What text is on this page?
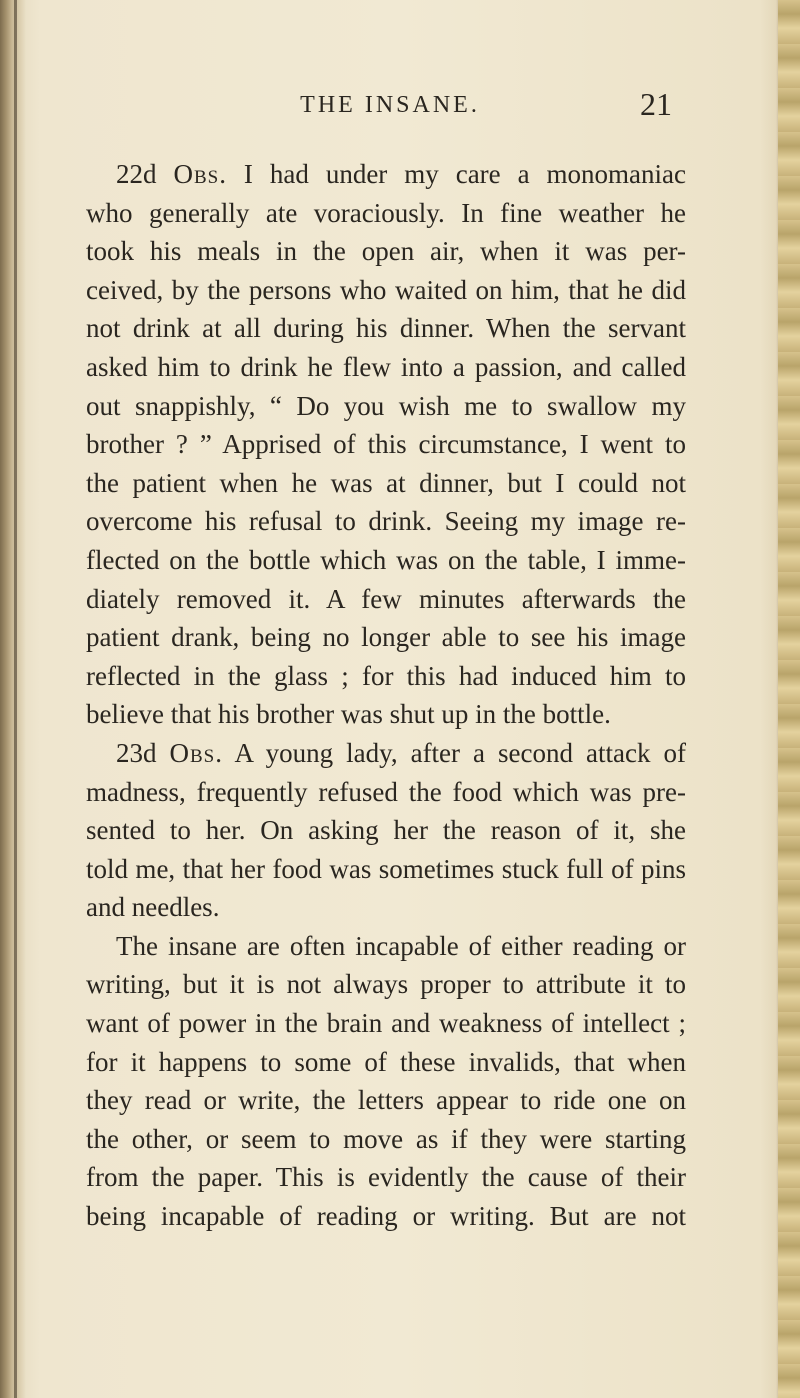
THE INSANE.	21
22d Obs. I had under my care a monomaniac
who generally ate voraciously. In fine weather he
took his meals in the open air, when it was per-
ceived, by the persons who waited on him, that he did
not drink at all during his dinner. When the servant
asked him to drink he flew into a passion, and called
out snappishly, “ Do you wish me to swallow my
brother ? ” Apprised of this circumstance, I went to
the patient when he was at dinner, but I could not
overcome his refusal to drink. Seeing my image re-
flected on the bottle which was on the table, I imme-
diately removed it. A few minutes afterwards the
patient drank, being no longer able to see his image
reflected in the glass ; for this had induced him to
believe that his brother was shut up in the bottle.
23d Obs. A young lady, after a second attack of
madness, frequently refused the food which was pre-
sented to her. On asking her the reason of it, she
told me, that her food was sometimes stuck full of pins
and needles.
The insane are often incapable of either reading or
writing, but it is not always proper to attribute it to
want of power in the brain and weakness of intellect ;
for it happens to some of these invalids, that when
they read or write, the letters appear to ride one on
the other, or seem to move as if they were starting
from the paper. This is evidently the cause of their
being incapable of reading or writing. But are not
